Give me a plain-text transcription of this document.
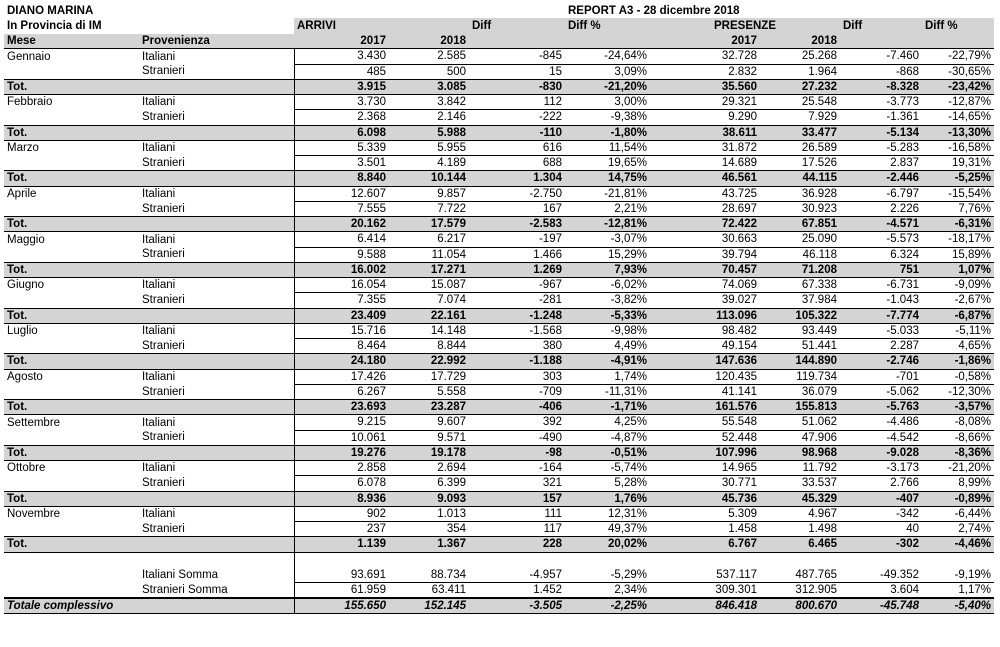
DIANO MARINA					REPORT A3 - 28 dicembre 2018				
In Provincia di IM		ARRIVI		Diff	Diff %	PRESENZE		Diff	Diff %
Mese	Provenienza	2017	2018			2017	2018		
Gennaio	Italiani	3.430	2.585	-845	-24,64%	32.728	25.268	-7.460	-22,79%
	Stranieri	485	500	15	3,09%	2.832	1.964	-868	-30,65%
Tot.		3.915	3.085	-830	-21,20%	35.560	27.232	-8.328	-23,42%
Febbraio	Italiani	3.730	3.842	112	3,00%	29.321	25.548	-3.773	-12,87%
	Stranieri	2.368	2.146	-222	-9,38%	9.290	7.929	-1.361	-14,65%
Tot.		6.098	5.988	-110	-1,80%	38.611	33.477	-5.134	-13,30%
Marzo	Italiani	5.339	5.955	616	11,54%	31.872	26.589	-5.283	-16,58%
	Stranieri	3.501	4.189	688	19,65%	14.689	17.526	2.837	19,31%
Tot.		8.840	10.144	1.304	14,75%	46.561	44.115	-2.446	-5,25%
Aprile	Italiani	12.607	9.857	-2.750	-21,81%	43.725	36.928	-6.797	-15,54%
	Stranieri	7.555	7.722	167	2,21%	28.697	30.923	2.226	7,76%
Tot.		20.162	17.579	-2.583	-12,81%	72.422	67.851	-4.571	-6,31%
Maggio	Italiani	6.414	6.217	-197	-3,07%	30.663	25.090	-5.573	-18,17%
	Stranieri	9.588	11.054	1.466	15,29%	39.794	46.118	6.324	15,89%
Tot.		16.002	17.271	1.269	7,93%	70.457	71.208	751	1,07%
Giugno	Italiani	16.054	15.087	-967	-6,02%	74.069	67.338	-6.731	-9,09%
	Stranieri	7.355	7.074	-281	-3,82%	39.027	37.984	-1.043	-2,67%
Tot.		23.409	22.161	-1.248	-5,33%	113.096	105.322	-7.774	-6,87%
Luglio	Italiani	15.716	14.148	-1.568	-9,98%	98.482	93.449	-5.033	-5,11%
	Stranieri	8.464	8.844	380	4,49%	49.154	51.441	2.287	4,65%
Tot.		24.180	22.992	-1.188	-4,91%	147.636	144.890	-2.746	-1,86%
Agosto	Italiani	17.426	17.729	303	1,74%	120.435	119.734	-701	-0,58%
	Stranieri	6.267	5.558	-709	-11,31%	41.141	36.079	-5.062	-12,30%
Tot.		23.693	23.287	-406	-1,71%	161.576	155.813	-5.763	-3,57%
Settembre	Italiani	9.215	9.607	392	4,25%	55.548	51.062	-4.486	-8,08%
	Stranieri	10.061	9.571	-490	-4,87%	52.448	47.906	-4.542	-8,66%
Tot.		19.276	19.178	-98	-0,51%	107.996	98.968	-9.028	-8,36%
Ottobre	Italiani	2.858	2.694	-164	-5,74%	14.965	11.792	-3.173	-21,20%
	Stranieri	6.078	6.399	321	5,28%	30.771	33.537	2.766	8,99%
Tot.		8.936	9.093	157	1,76%	45.736	45.329	-407	-0,89%
Novembre	Italiani	902	1.013	111	12,31%	5.309	4.967	-342	-6,44%
	Stranieri	237	354	117	49,37%	1.458	1.498	40	2,74%
Tot.		1.139	1.367	228	20,02%	6.767	6.465	-302	-4,46%

	Italiani Somma	93.691	88.734	-4.957	-5,29%	537.117	487.765	-49.352	-9,19%
	Stranieri Somma	61.959	63.411	1.452	2,34%	309.301	312.905	3.604	1,17%
Totale complessivo		155.650	152.145	-3.505	-2,25%	846.418	800.670	-45.748	-5,40%
